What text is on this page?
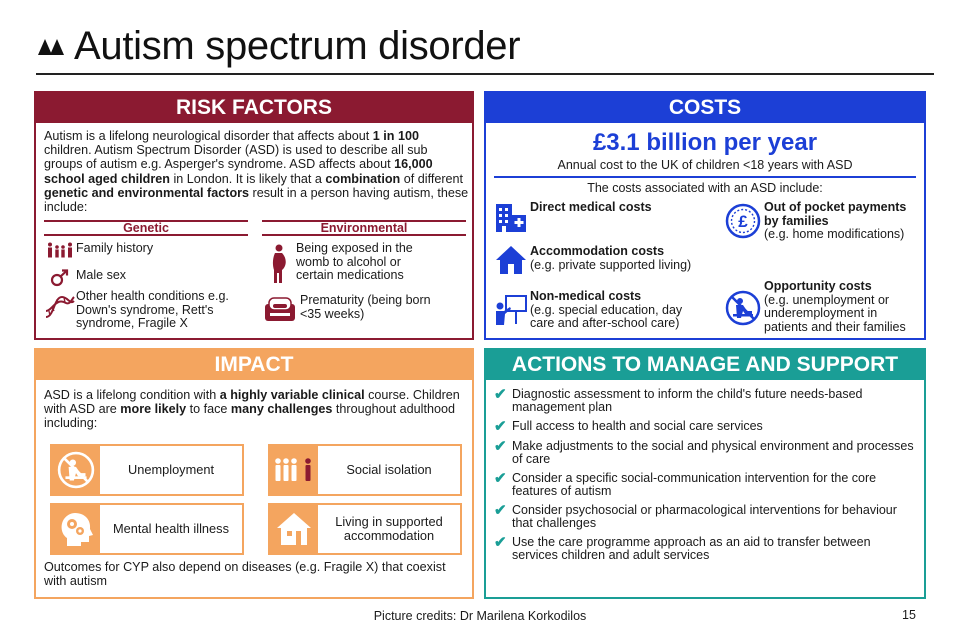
Autism spectrum disorder
RISK FACTORS
Autism is a lifelong neurological disorder that affects about 1 in 100 children. Autism Spectrum Disorder (ASD) is used to describe all sub groups of autism e.g. Asperger's syndrome. ASD affects about 16,000 school aged children in London. It is likely that a combination of different genetic and environmental factors result in a person having autism, these include:
Genetic	Environmental
Family history
Male sex
Other health conditions e.g. Down's syndrome, Rett's syndrome, Fragile X
Being exposed in the womb to alcohol or certain medications
Prematurity (being born <35 weeks)
COSTS
£3.1 billion per year
Annual cost to the UK of children <18 years with ASD
The costs associated with an ASD include:
Direct medical costs
£
Out of pocket payments by families
(e.g. home modifications)
Accommodation costs
(e.g. private supported living)
Non-medical costs
(e.g. special education, day care and after-school care)
Opportunity costs
(e.g. unemployment or underemployment in patients and their families
IMPACT
ASD is a lifelong condition with a highly variable clinical course. Children with ASD are more likely to face many challenges throughout adulthood including:
Unemployment	Social isolation
Mental health illness	Living in supported accommodation
Outcomes for CYP also depend on diseases (e.g. Fragile X) that coexist with autism
ACTIONS TO MANAGE AND SUPPORT
✔ Diagnostic assessment to inform the child's future needs-based management plan
✔ Full access to health and social care services
✔ Make adjustments to the social and physical environment and processes of care
✔ Consider a specific social-communication intervention for the core features of autism
✔ Consider psychosocial or pharmacological interventions for behaviour that challenges
✔ Use the care programme approach as an aid to transfer between services children and adult services
Picture credits: Dr Marilena Korkodilos	15
